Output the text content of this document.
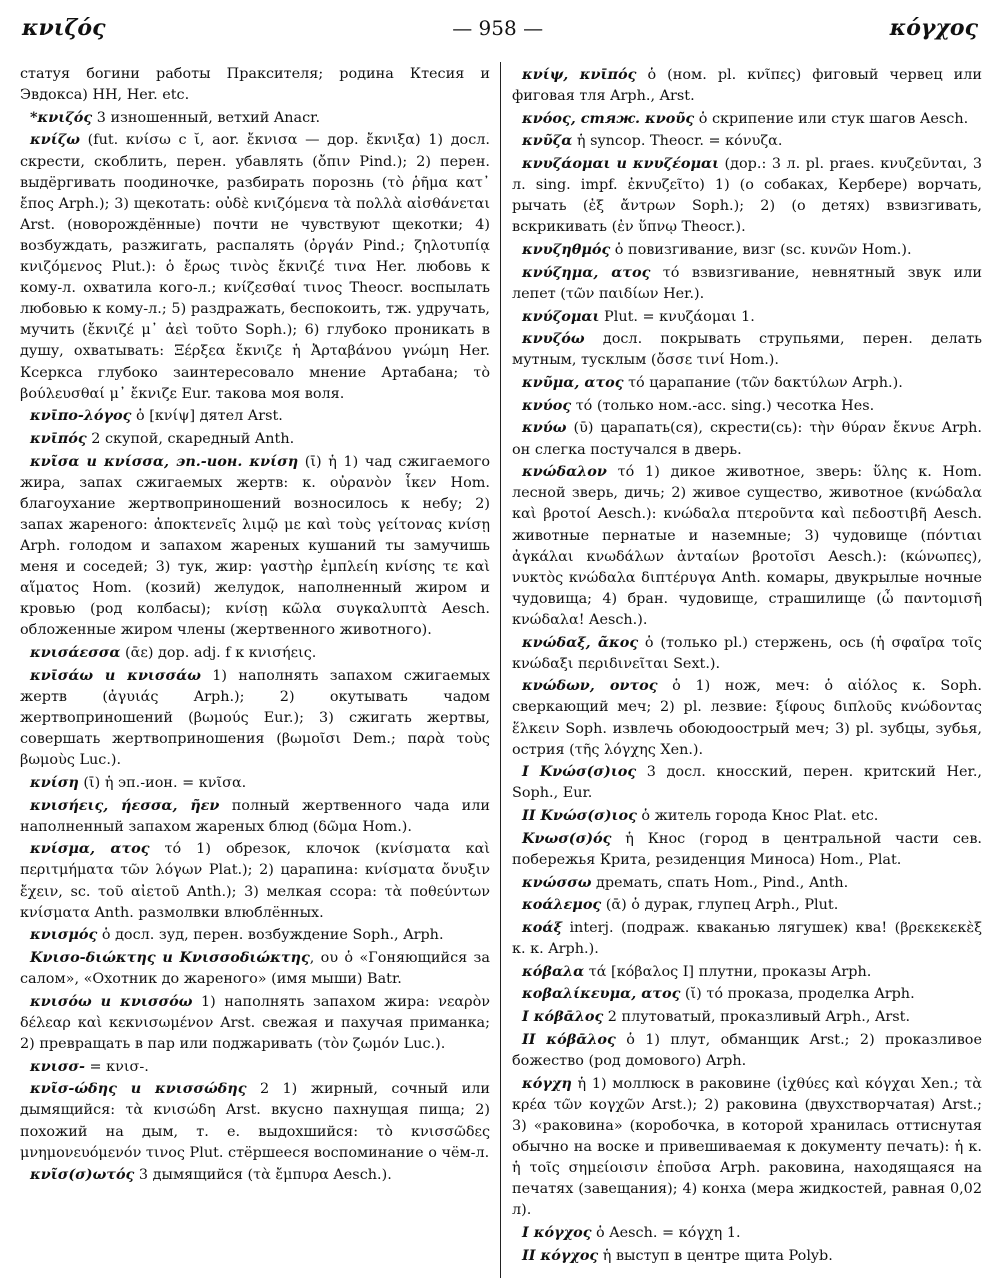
κνιζός	— 958 —	κόγχος

статуя богини работы Праксителя; родина Ктесия и Эвдокса) HH, Her. etc.

*κνιζός 3 изношенный, ветхий Anacr.

κνίζω (fut. κνίσω с ῐ, aor. ἔκνισα — дор. ἔκνιξα) 1) досл. скрести, скоблить, перен. убавлять (ὄπιν Pind.); 2) перен. выдёргивать поодиночке, разбирать порознь (τὸ ῥῆμα κατ᾽ ἔπος Arph.); 3) щекотать: οὐδὲ κνιζόμενα τὰ πολλὰ αἰσθάνεται Arst. (новорождённые) почти не чувствуют щекотки; 4) возбуждать, разжигать, распалять (ὀργάν Pind.; ζηλοτυπίᾳ κνιζόμενος Plut.): ὁ ἔρως τινὸς ἔκνιζέ τινα Her. любовь к кому-л. охватила кого-л.; κνίζεσθαί τινος Theocr. воспылать любовью к кому-л.; 5) раздражать, беспокоить, тж. удручать, мучить (ἔκνιζέ μ᾽ ἀεὶ τοῦτο Soph.); 6) глубоко проникать в душу, охватывать: Ξέρξεα ἔκνιζε ἡ Ἀρταβάνου γνώμη Her. Ксеркса глубоко заинтересовало мнение Артабана; τὸ βούλευσθαί μ᾽ ἔκνιζε Eur. такова моя воля.

κνῑπο-λόγος ὁ [κνίψ] дятел Arst.

κνῑπός 2 скупой, скаредный Anth.

κνῖσα и κνίσσα, эп.-ион. κνίση (ῑ) ἡ 1) чад сжигаемого жира, запах сжигаемых жертв: κ. οὐρανὸν ἷκεν Hom. благоухание жертвоприношений возносилось к небу; 2) запах жареного: ἀποκτενεῖς λιμῷ με καὶ τοὺς γείτονας κνίσῃ Arph. голодом и запахом жареных кушаний ты замучишь меня и соседей; 3) тук, жир: γαστὴρ ἐμπλείη κνίσης τε καὶ αἵματος Hom. (козий) желудок, наполненный жиром и кровью (род колбасы); κνίσῃ κῶλα συγκαλυπτὰ Aesch. обложенные жиром члены (жертвенного животного).

κνισάεσσα (ᾱε) дор. adj. f к κνισήεις.

κνῑσάω и κνισσάω 1) наполнять запахом сжигаемых жертв (ἀγυιάς Arph.); 2) окутывать чадом жертвоприношений (βωμούς Eur.); 3) сжигать жертвы, совершать жертвоприношения (βωμοῖσι Dem.; παρὰ τοὺς βωμοὺς Luc.).

κνίση (ῑ) ἡ эп.-ион. = κνῖσα.

κνισήεις, ήεσσα, ῆεν полный жертвенного чада или наполненный запахом жареных блюд (δῶμα Hom.).

κνίσμα, ατος τό 1) обрезок, клочок (κνίσματα καὶ περιτμήματα τῶν λόγων Plat.); 2) царапина: κνίσματα ὄνυξιν ἔχειν, sc. τοῦ αἰετοῦ Anth.); 3) мелкая ссора: τὰ ποθεύντων κνίσματα Anth. размолвки влюблённых.

κνισμός ὁ досл. зуд, перен. возбуждение Soph., Arph.

Κνισο-διώκτης и Κνισσοδιώκτης, ου ὁ «Гоняющийся за салом», «Охотник до жареного» (имя мыши) Batr.

κνισόω и κνισσόω 1) наполнять запахом жира: νεαρὸν δέλεαρ καὶ κεκνισωμένον Arst. свежая и пахучая приманка; 2) превращать в пар или поджаривать (τὸν ζωμόν Luc.).

κνισσ- = κνισ-.

κνῖσ-ώδης и κνισσώδης 2 1) жирный, сочный или дымящийся: τὰ κνισώδη Arst. вкусно пахнущая пища; 2) похожий на дым, т. е. выдохшийся: τὸ κνισσῶδες μνημονευόμενόν τινος Plut. стёршееся воспоминание о чём-л.

κνῖσ(σ)ωτός 3 дымящийся (τὰ ἔμπυρα Aesch.).

κνίψ, κνῑπός ὁ (ном. pl. κνῖπες) фиговый червец или фиговая тля Arph., Arst.

κνόος, стяж. κνοῦς ὁ скрипение или стук шагов Aesch.

κνῦζα ἡ syncop. Theocr. = κόνυζα.

κνυζάομαι и κνυζέομαι (дор.: 3 л. pl. praes. κνυζεῦνται, 3 л. sing. impf. ἐκνυζεῖτο) 1) (о собаках, Кербере) ворчать, рычать (ἐξ ἄντρων Soph.); 2) (о детях) взвизгивать, вскрикивать (ἐν ὕπνῳ Theocr.).

κνυζηθμός ὁ повизгивание, визг (sc. κυνῶν Hom.).

κνύζημα, ατος τό взвизгивание, невнятный звук или лепет (τῶν παιδίων Her.).

κνύζομαι Plut. = κνυζάομαι 1.

κνυζόω досл. покрывать струпьями, перен. делать мутным, тусклым (ὄσσε τινί Hom.).

κνῦμα, ατος τό царапание (τῶν δακτύλων Arph.).

κνύος τό (только ном.-асс. sing.) чесотка Hes.

κνύω (ῡ) царапать(ся), скрести(сь): τὴν θύραν ἔκνυε Arph. он слегка постучался в дверь.

κνώδαλον τό 1) дикое животное, зверь: ὕλης κ. Hom. лесной зверь, дичь; 2) живое существо, животное (κνώδαλα καὶ βροτοί Aesch.): κνώδαλα πτεροῦντα καὶ πεδοστιβῆ Aesch. животные пернатые и наземные; 3) чудовище (πόντιαι ἀγκάλαι κνωδάλων ἀνταίων βροτοῖσι Aesch.): (κώνωπες), νυκτὸς κνώδαλα διπτέρυγα Anth. комары, двукрылые ночные чудовища; 4) бран. чудовище, страшилище (ὦ παντομισῆ κνώδαλα! Aesch.).

κνώδαξ, ᾶκος ὁ (только pl.) стержень, ось (ἡ σφαῖρα τοῖς κνώδαξι περιδινεῖται Sext.).

κνώδων, οντος ὁ 1) нож, меч: ὁ αἰόλος κ. Soph. сверкающий меч; 2) pl. лезвие: ξίφους διπλοῦς κνώδοντας ἕλκειν Soph. извлечь обоюдоострый меч; 3) pl. зубцы, зубья, острия (τῆς λόγχης Xen.).

I Κνώσ(σ)ιος 3 досл. кносский, перен. критский Her., Soph., Eur.

II Κνώσ(σ)ιος ὁ житель города Кнос Plat. etc.

Κνωσ(σ)ός ἡ Кнос (город в центральной части сев. побережья Крита, резиденция Миноса) Hom., Plat.

κνώσσω дремать, спать Hom., Pind., Anth.

κοάλεμος (ᾱ) ὁ дурак, глупец Arph., Plut.

κοάξ interj. (подраж. кваканью лягушек) ква! (βρεκεκεκὲξ κ. κ. Arph.).

κόβαλα τά [κόβαλος I] плутни, проказы Arph.

κοβαλίκευμα, ατος (ῐ) τό проказа, проделка Arph.

I κόβᾱλος 2 плутоватый, проказливый Arph., Arst.

II κόβᾱλος ὁ 1) плут, обманщик Arst.; 2) проказливое божество (род домового) Arph.

κόγχη ἡ 1) моллюск в раковине (ἰχθύες καὶ κόγχαι Xen.; τὰ κρέα τῶν κογχῶν Arst.); 2) раковина (двухстворчатая) Arst.; 3) «раковина» (коробочка, в которой хранилась оттиснутая обычно на воске и привешиваемая к документу печать): ἡ κ. ἡ τοῖς σημείοισιν ἐποῦσα Arph. раковина, находящаяся на печатях (завещания); 4) конха (мера жидкостей, равная 0,02 л).

I κόγχος ὁ Aesch. = κόγχη 1.

II κόγχος ἡ выступ в центре щита Polyb.
